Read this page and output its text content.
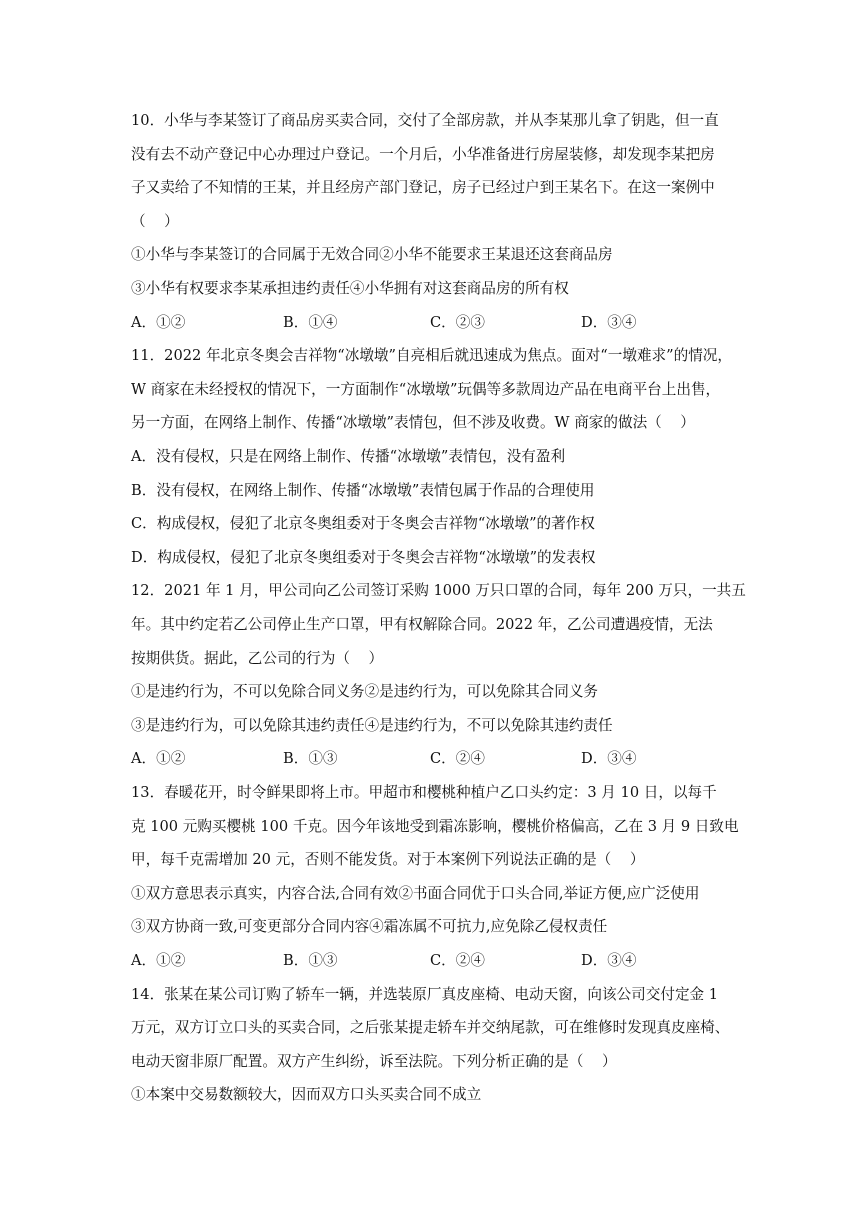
10．小华与李某签订了商品房买卖合同，交付了全部房款，并从李某那儿拿了钥匙，但一直
没有去不动产登记中心办理过户登记。一个月后，小华准备进行房屋装修，却发现李某把房
子又卖给了不知情的王某，并且经房产部门登记，房子已经过户到王某名下。在这一案例中
（    ）
①小华与李某签订的合同属于无效合同②小华不能要求王某退还这套商品房
③小华有权要求李某承担违约责任④小华拥有对这套商品房的所有权
A．①②	B．①④	C．②③	D．③④
11．2022 年北京冬奥会吉祥物“冰墩墩”自亮相后就迅速成为焦点。面对“一墩难求”的情况，
W 商家在未经授权的情况下，一方面制作“冰墩墩”玩偶等多款周边产品在电商平台上出售，
另一方面，在网络上制作、传播“冰墩墩”表情包，但不涉及收费。W 商家的做法（    ）
A．没有侵权，只是在网络上制作、传播“冰墩墩”表情包，没有盈利
B．没有侵权，在网络上制作、传播“冰墩墩”表情包属于作品的合理使用
C．构成侵权，侵犯了北京冬奥组委对于冬奥会吉祥物“冰墩墩”的著作权
D．构成侵权，侵犯了北京冬奥组委对于冬奥会吉祥物“冰墩墩”的发表权
12．2021 年 1 月，甲公司向乙公司签订采购 1000 万只口罩的合同，每年 200 万只，一共五
年。其中约定若乙公司停止生产口罩，甲有权解除合同。2022 年，乙公司遭遇疫情，无法
按期供货。据此，乙公司的行为（    ）
①是违约行为，不可以免除合同义务②是违约行为，可以免除其合同义务
③是违约行为，可以免除其违约责任④是违约行为，不可以免除其违约责任
A．①②	B．①③	C．②④	D．③④
13．春暖花开，时令鲜果即将上市。甲超市和樱桃种植户乙口头约定：3 月 10 日，以每千
克 100 元购买樱桃 100 千克。因今年该地受到霜冻影响，樱桃价格偏高，乙在 3 月 9 日致电
甲，每千克需增加 20 元，否则不能发货。对于本案例下列说法正确的是（    ）
①双方意思表示真实，内容合法,合同有效②书面合同优于口头合同,举证方便,应广泛使用
③双方协商一致,可变更部分合同内容④霜冻属不可抗力,应免除乙侵权责任
A．①②	B．①③	C．②④	D．③④
14．张某在某公司订购了轿车一辆，并选装原厂真皮座椅、电动天窗，向该公司交付定金 1
万元，双方订立口头的买卖合同，之后张某提走轿车并交纳尾款，可在维修时发现真皮座椅、
电动天窗非原厂配置。双方产生纠纷，诉至法院。下列分析正确的是（    ）
①本案中交易数额较大，因而双方口头买卖合同不成立
